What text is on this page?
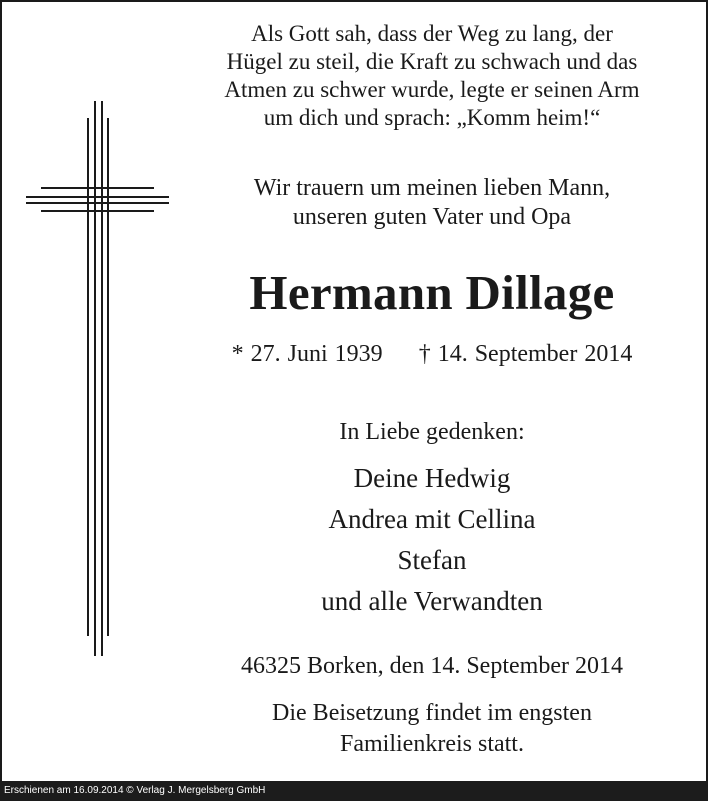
Als Gott sah, dass der Weg zu lang, der
Hügel zu steil, die Kraft zu schwach und das
Atmen zu schwer wurde, legte er seinen Arm
um dich und sprach: „Komm heim!“
Wir trauern um meinen lieben Mann,
unseren guten Vater und Opa
Hermann Dillage
* 27. Juni 1939 † 14. September 2014
In Liebe gedenken:
Deine Hedwig
Andrea mit Cellina
Stefan
und alle Verwandten
46325 Borken, den 14. September 2014
Die Beisetzung findet im engsten
Familienkreis statt.
Erschienen am 16.09.2014 © Verlag J. Mergelsberg GmbH
